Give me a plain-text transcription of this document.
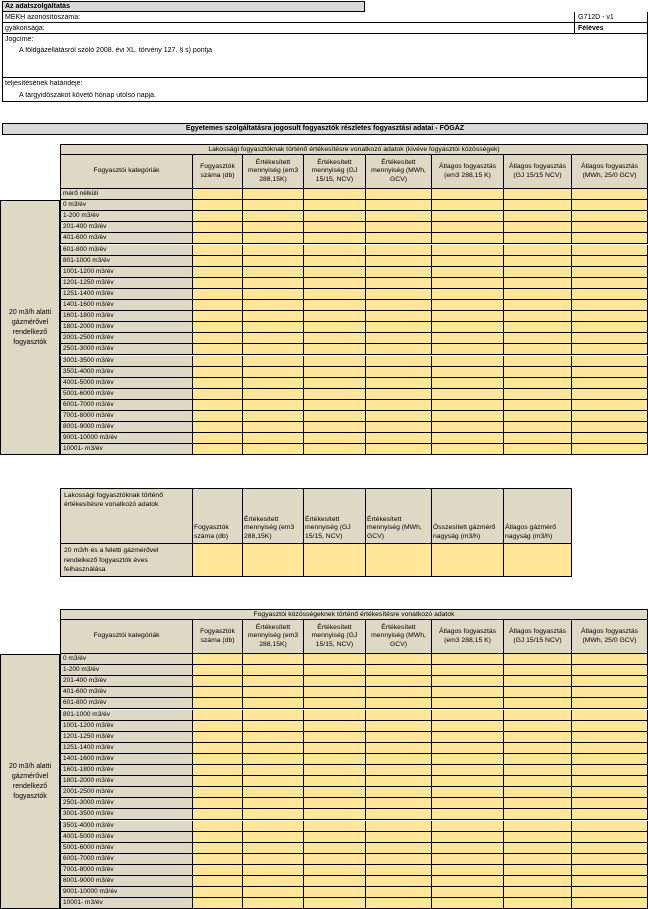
Az adatszolgáltatás
MEKH azonosítószáma:	G712D - v1
gyakorisága:	Féléves
Jogcíme:
A földgázellátásról szóló 2008. évi XL. törvény 127. § s) pontja
teljesítésének határideje:
A tárgyidőszakot követő hónap utolsó napja.
Egyetemes szolgáltatásra jogosult fogyasztók részletes fogyasztási adatai - FŐGÁZ
Lakossági fogyasztóknak történő értékesítésre vonatkozó adatok (kivéve fogyasztói közösségek)
Fogyasztói kategóriák
Fogyasztók száma (db)
Értékesített mennyiség (em3 288,15K)
Értékesített mennyiség (GJ 15/15, NCV)
Értékesített mennyiség (MWh, GCV)
Átlagos fogyasztás (em3 288,15 K)
Átlagos fogyasztás (GJ 15/15 NCV)
Átlagos fogyasztás (MWh, 25/0 GCV)
mérő nélküli
0 m3/év
1-200 m3/év
201-400 m3/év
401-600 m3/év
601-800 m3/év
801-1000 m3/év
1001-1200 m3/év
1201-1250 m3/év
1251-1400 m3/év
1401-1600 m3/év
1601-1800 m3/év
1801-2000 m3/év
2001-2500 m3/év
2501-3000 m3/év
3001-3500 m3/év
3501-4000 m3/év
4001-5000 m3/év
5001-6000 m3/év
6001-7000 m3/év
7001-8000 m3/év
8001-9000 m3/év
9001-10000 m3/év
10001- m3/év
20 m3/h alatti gázmérővel rendelkező fogyasztók
Lakossági fogyasztóknak történő értékesítésre vonatkozó adatok
Fogyasztók száma (db)
Értékesített mennyiség (em3 288,15K)
Értékesített mennyiség (GJ 15/15, NCV)
Értékesített mennyiség (MWh, GCV)
Összesített gázmérő nagyság (m3/h)
Átlagos gázmérő nagyság (m3/h)
20 m3/h és a feletti gázmérővel rendelkező fogyasztók éves felhasználása
Fogyasztói közösségeknek történő értékesítésre vonatkozó adatok
Fogyasztói kategóriák
Fogyasztók száma (db)
Értékesített mennyiség (em3 288,15K)
Értékesített mennyiség (GJ 15/15, NCV)
Értékesített mennyiség (MWh, GCV)
Átlagos fogyasztás (em3 288,15 K)
Átlagos fogyasztás (GJ 15/15 NCV)
Átlagos fogyasztás (MWh, 25/0 GCV)
0 m3/év
1-200 m3/év
201-400 m3/év
401-600 m3/év
601-800 m3/év
801-1000 m3/év
1001-1200 m3/év
1201-1250 m3/év
1251-1400 m3/év
1401-1600 m3/év
1601-1800 m3/év
1801-2000 m3/év
2001-2500 m3/év
2501-3000 m3/év
3001-3500 m3/év
3501-4000 m3/év
4001-5000 m3/év
5001-6000 m3/év
6001-7000 m3/év
7001-8000 m3/év
8001-9000 m3/év
9001-10000 m3/év
10001- m3/év
20 m3/h alatti gázmérővel rendelkező fogyasztók
